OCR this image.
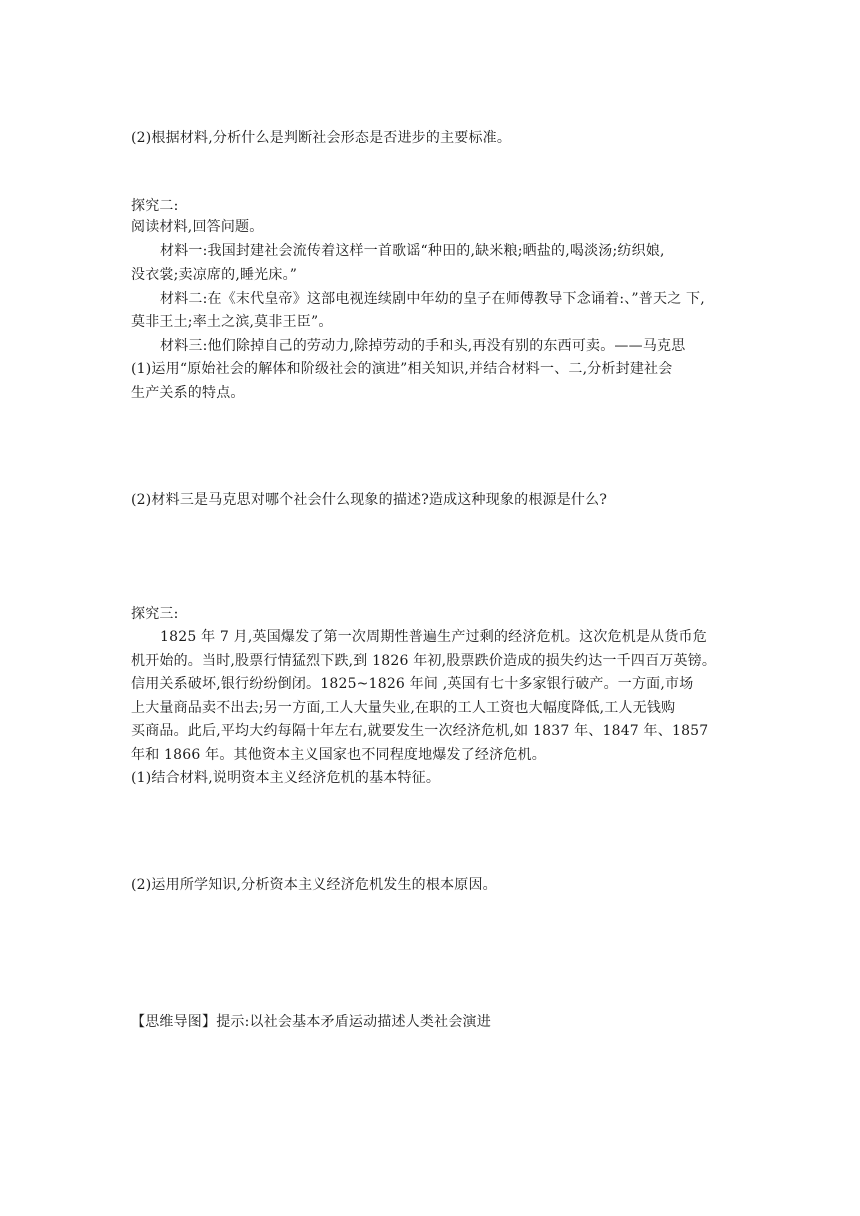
(2)根据材料,分析什么是判断社会形态是否进步的主要标准。
探究二:
阅读材料,回答问题。
材料一:我国封建社会流传着这样一首歌谣“种田的,缺米粮;晒盐的,喝淡汤;纺织娘,
没衣裳;卖凉席的,睡光床。”
材料二:在《末代皇帝》这部电视连续剧中年幼的皇子在师傅教导下念诵着:、”普天之 下,
莫非王土;率土之滨,莫非王臣”。
材料三:他们除掉自己的劳动力,除掉劳动的手和头,再没有别的东西可卖。——马克思
(1)运用“原始社会的解体和阶级社会的演进”相关知识,并结合材料一、二,分析封建社会
生产关系的特点。
(2)材料三是马克思对哪个社会什么现象的描述?造成这种现象的根源是什么?
探究三:
1825 年 7 月,英国爆发了第一次周期性普遍生产过剩的经济危机。这次危机是从货币危
机开始的。当时,股票行情猛烈下跌,到 1826 年初,股票跌价造成的损失约达一千四百万英镑。
信用关系破坏,银行纷纷倒闭。1825~1826 年间 ,英国有七十多家银行破产。一方面,市场
上大量商品卖不出去;另一方面,工人大量失业,在职的工人工资也大幅度降低,工人无钱购
买商品。此后,平均大约每隔十年左右,就要发生一次经济危机,如 1837 年、1847 年、1857
年和 1866 年。其他资本主义国家也不同程度地爆发了经济危机。
(1)结合材料,说明资本主义经济危机的基本特征。
(2)运用所学知识,分析资本主义经济危机发生的根本原因。
【思维导图】提示:以社会基本矛盾运动描述人类社会演进
